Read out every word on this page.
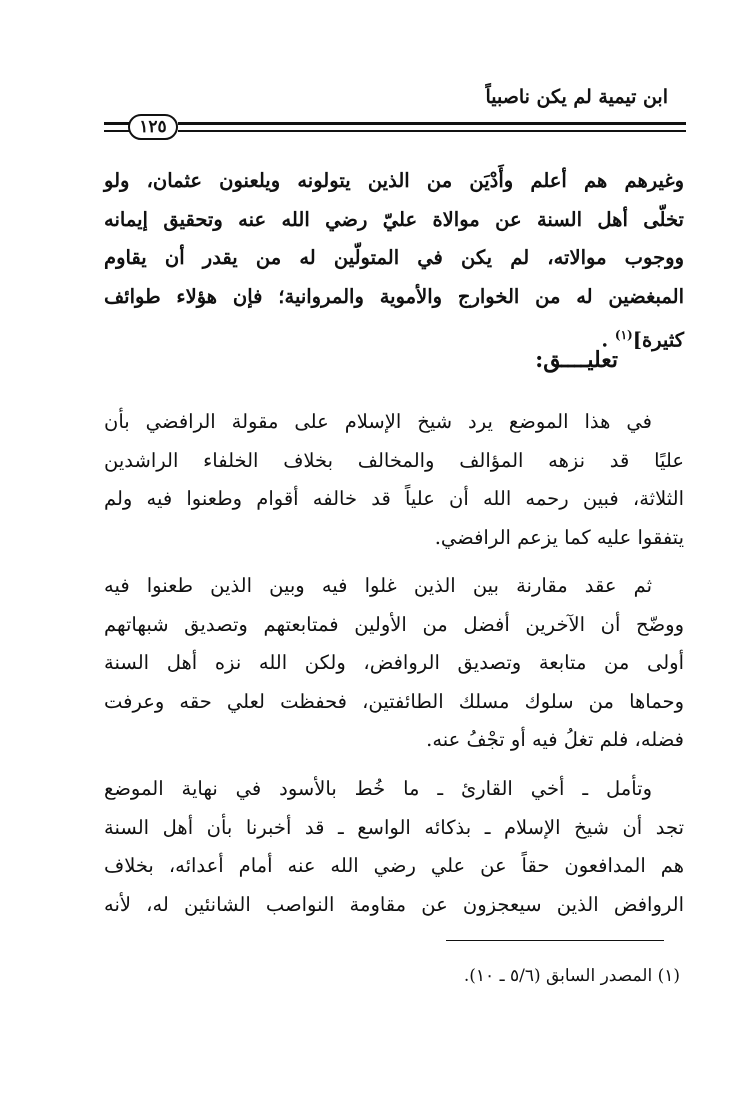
ابن تيمية لم يكن ناصبياً
١٢٥
وغيرهم هم أعلم وأَدْيَن من الذين يتولونه ويلعنون عثمان، ولو
تخلّى أهل السنة عن موالاة عليّ رضي الله عنه وتحقيق إيمانه
ووجوب موالاته، لم يكن في المتولّين له من يقدر أن يقاوم
المبغضين له من الخوارج والأموية والمروانية؛ فإن هؤلاء طوائف
كثيرة]$^{(١)}$ .
تعليــــق:
في هذا الموضع يرد شيخ الإسلام على مقولة الرافضي بأن
عليًا قد نزهه المؤالف والمخالف بخلاف الخلفاء الراشدين
الثلاثة، فبين رحمه الله أن علياً قد خالفه أقوام وطعنوا فيه ولم
يتفقوا عليه كما يزعم الرافضي.
ثم عقد مقارنة بين الذين غلوا فيه وبين الذين طعنوا فيه
ووضّح أن الآخرين أفضل من الأولين فمتابعتهم وتصديق شبهاتهم
أولى من متابعة وتصديق الروافض، ولكن الله نزه أهل السنة
وحماها من سلوك مسلك الطائفتين، فحفظت لعلي حقه وعرفت
فضله، فلم تغلُ فيه أو تجْفُ عنه.
وتأمل ـ أخي القارئ ـ ما خُط بالأسود في نهاية الموضع
تجد أن شيخ الإسلام ـ بذكائه الواسع ـ قد أخبرنا بأن أهل السنة
هم المدافعون حقاً عن علي رضي الله عنه أمام أعدائه، بخلاف
الروافض الذين سيعجزون عن مقاومة النواصب الشانئين له، لأنه
(١) المصدر السابق (٥/٦ ـ ١٠).
